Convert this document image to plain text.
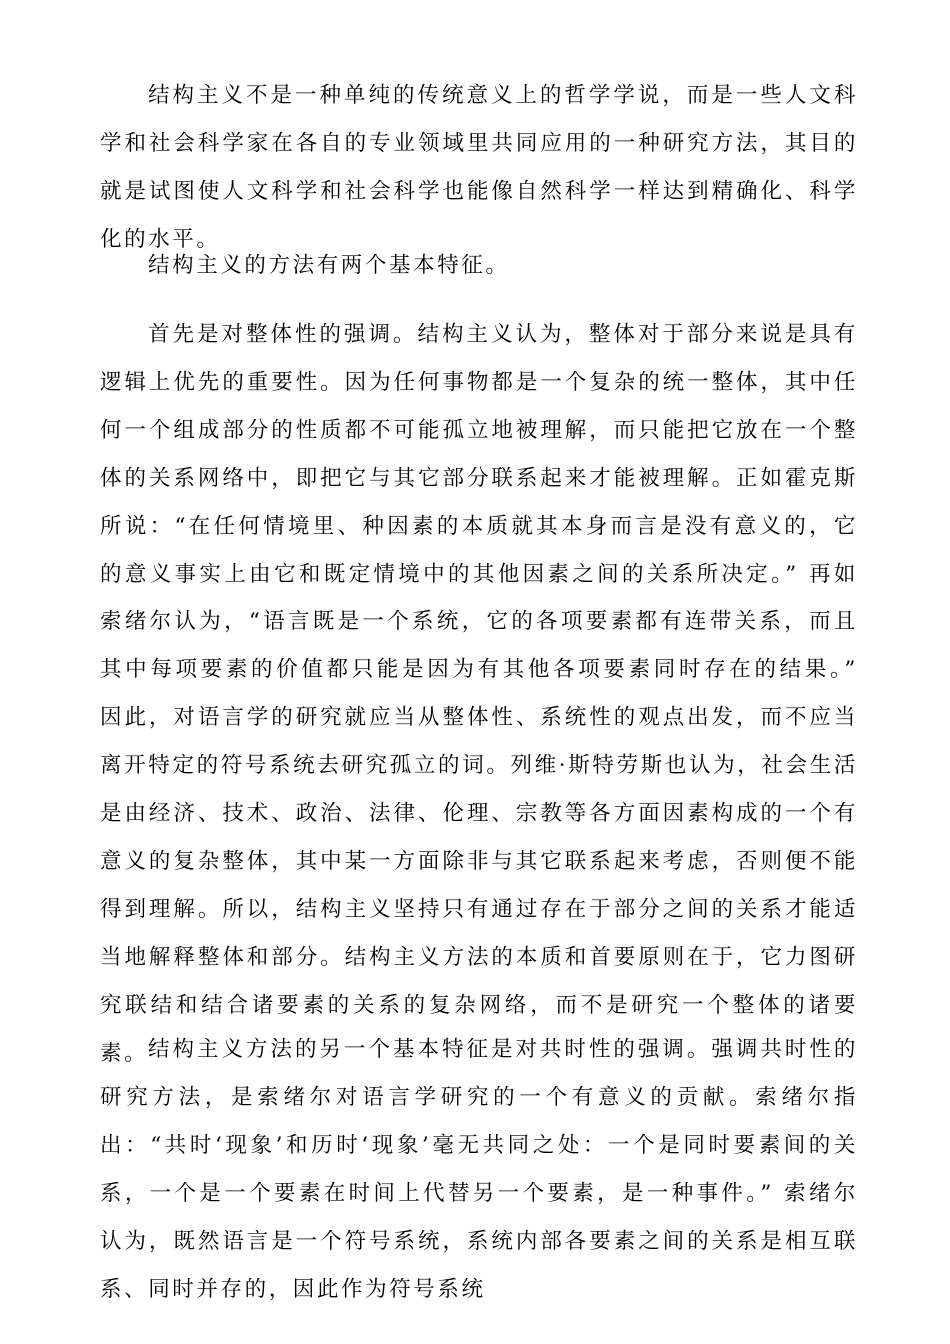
结构主义不是一种单纯的传统意义上的哲学学说，而是一些人文科学和社会科学家在各自的专业领域里共同应用的一种研究方法，其目的就是试图使人文科学和社会科学也能像自然科学一样达到精确化、科学化的水平。

结构主义的方法有两个基本特征。

首先是对整体性的强调。结构主义认为，整体对于部分来说是具有逻辑上优先的重要性。因为任何事物都是一个复杂的统一整体，其中任何一个组成部分的性质都不可能孤立地被理解，而只能把它放在一个整体的关系网络中，即把它与其它部分联系起来才能被理解。正如霍克斯所说：“在任何情境里、种因素的本质就其本身而言是没有意义的，它的意义事实上由它和既定情境中的其他因素之间的关系所决定。” 再如索绪尔认为，“语言既是一个系统，它的各项要素都有连带关系，而且其中每项要素的价值都只能是因为有其他各项要素同时存在的结果。” 因此，对语言学的研究就应当从整体性、系统性的观点出发，而不应当离开特定的符号系统去研究孤立的词。列维·斯特劳斯也认为，社会生活是由经济、技术、政治、法律、伦理、宗教等各方面因素构成的一个有意义的复杂整体，其中某一方面除非与其它联系起来考虑，否则便不能得到理解。所以，结构主义坚持只有通过存在于部分之间的关系才能适当地解释整体和部分。结构主义方法的本质和首要原则在于，它力图研究联结和结合诸要素的关系的复杂网络，而不是研究一个整体的诸要素。 结构主义方法的另一个基本特征是对共时性的强调。强调共时性的研究方法，是索绪尔对语言学研究的一个有意义的贡献。索绪尔指出：“共时‘现象’和历时‘现象’毫无共同之处：一个是同时要素间的关系，一个是一个要素在时间上代替另一个要素，是一种事件。” 索绪尔认为，既然语言是一个符号系统，系统内部各要素之间的关系是相互联系、同时并存的，因此作为符号系统
